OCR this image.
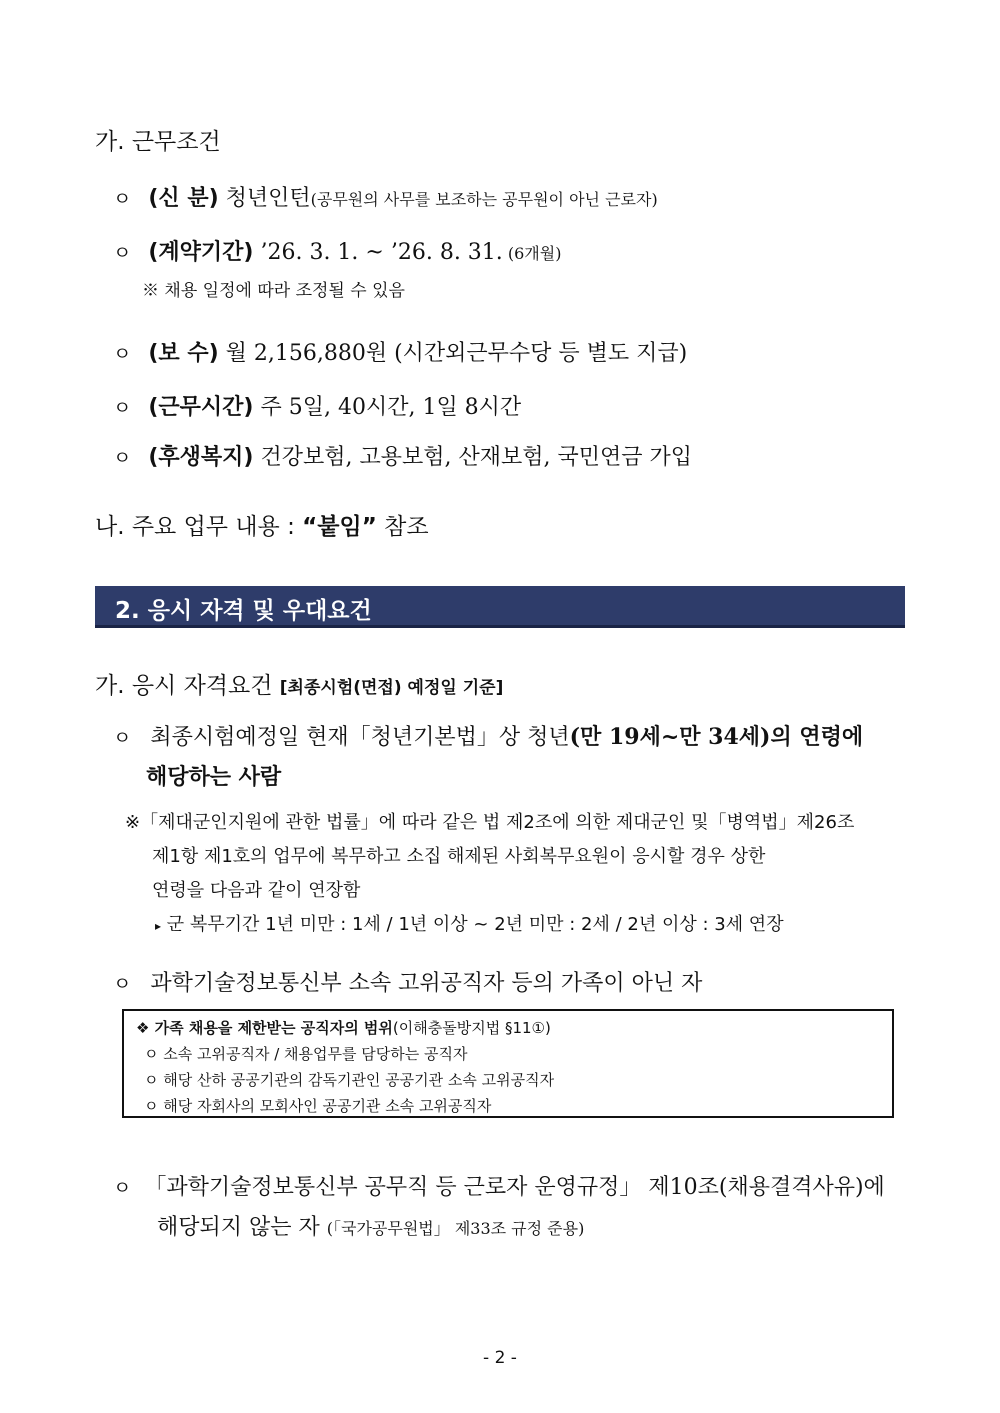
가. 근무조건
ㅇ (신 분) 청년인턴(공무원의 사무를 보조하는 공무원이 아닌 근로자)
ㅇ (계약기간) ’26. 3. 1. ~ ’26. 8. 31. (6개월)
※ 채용 일정에 따라 조정될 수 있음
ㅇ (보 수) 월 2,156,880원 (시간외근무수당 등 별도 지급)
ㅇ (근무시간) 주 5일, 40시간, 1일 8시간
ㅇ (후생복지) 건강보험, 고용보험, 산재보험, 국민연금 가입
나. 주요 업무 내용 : “붙임” 참조
2. 응시 자격 및 우대요건
가. 응시 자격요건 [최종시험(면접) 예정일 기준]
ㅇ 최종시험예정일 현재「청년기본법」상 청년(만 19세~만 34세)의 연령에
해당하는 사람
※「제대군인지원에 관한 법률」에 따라 같은 법 제2조에 의한 제대군인 및「병역법」제26조
제1항 제1호의 업무에 복무하고 소집 해제된 사회복무요원이 응시할 경우 상한
연령을 다음과 같이 연장함
▸ 군 복무기간 1년 미만 : 1세 / 1년 이상 ~ 2년 미만 : 2세 / 2년 이상 : 3세 연장
ㅇ 과학기술정보통신부 소속 고위공직자 등의 가족이 아닌 자
❖ 가족 채용을 제한받는 공직자의 범위(이해충돌방지법 §11①)
ㅇ 소속 고위공직자 / 채용업무를 담당하는 공직자
ㅇ 해당 산하 공공기관의 감독기관인 공공기관 소속 고위공직자
ㅇ 해당 자회사의 모회사인 공공기관 소속 고위공직자
ㅇ 「과학기술정보통신부 공무직 등 근로자 운영규정」 제10조(채용결격사유)에
해당되지 않는 자 (「국가공무원법」 제33조 규정 준용)
- 2 -
